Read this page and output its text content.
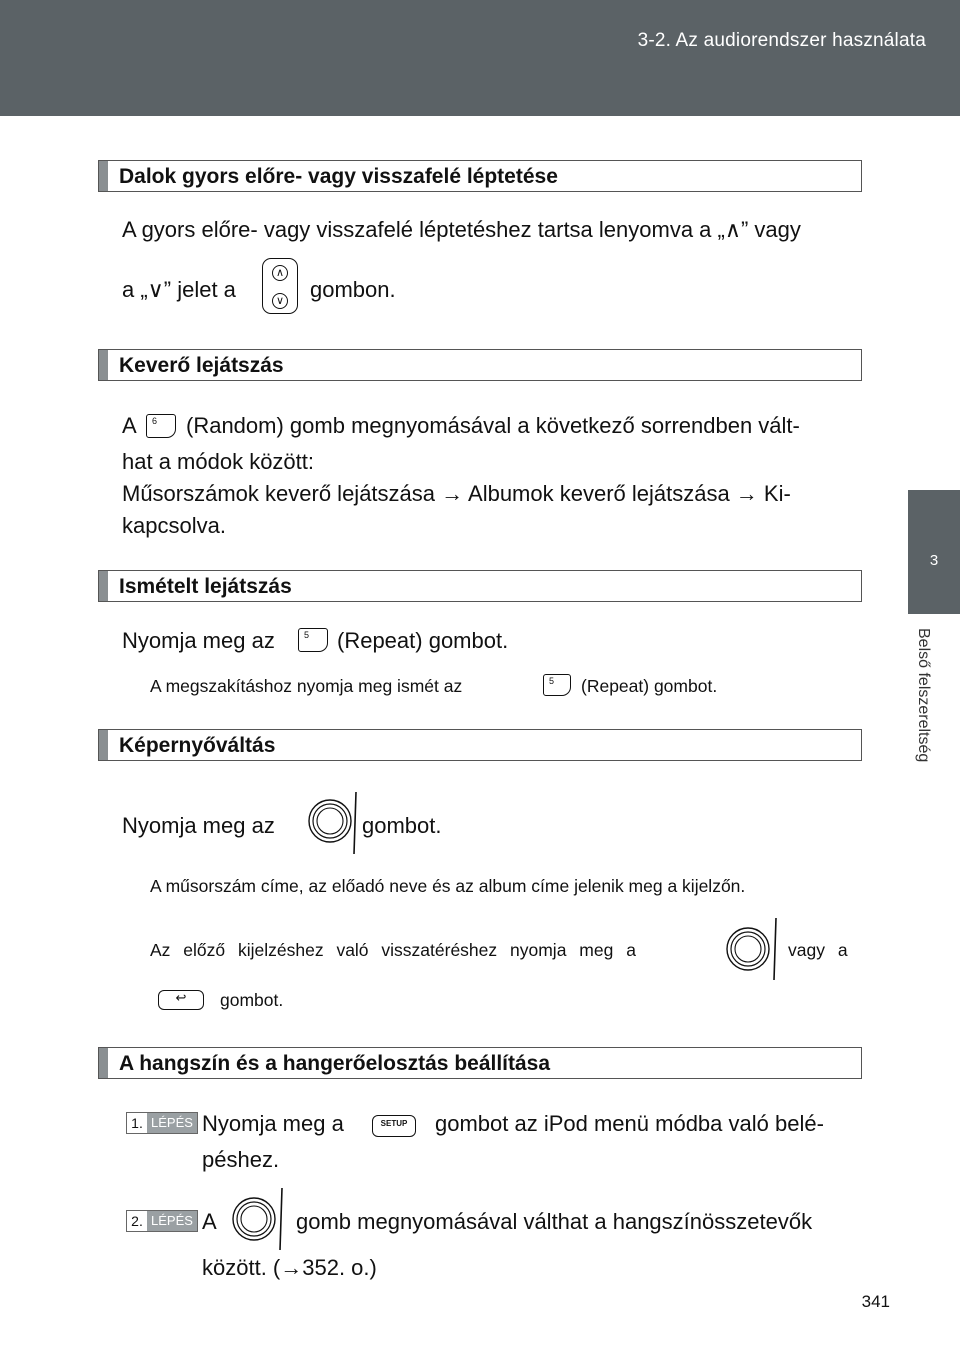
3-2. Az audiorendszer használata
3
Belső felszereltség
Dalok gyors előre- vagy visszafelé léptetése
A gyors előre- vagy visszafelé léptetéshez tartsa lenyomva a „∧” vagy
a „∨” jelet a
∧
∨ gombon.
Keverő lejátszás
A 6 (Random) gomb megnyomásával a következő sorrendben vált-
hat a módok között:
Műsorszámok keverő lejátszása → Albumok keverő lejátszása → Ki-
kapcsolva.
Ismételt lejátszás
Nyomja meg az	5 (Repeat) gombot.
A megszakításhoz nyomja meg ismét az	5 (Repeat) gombot.
Képernyőváltás
Nyomja meg az	gombot.
A műsorszám címe, az előadó neve és az album címe jelenik meg a kijelzőn.
Az előző kijelzéshez való visszatéréshez nyomja meg a	vagy a
↩	gombot.
A hangszín és a hangerőelosztás beállítása
1. LÉPÉS Nyomja meg a	SETUP	gombot az iPod menü módba való belé-
péshez.
2. LÉPÉS A	gomb megnyomásával válthat a hangszínösszetevők
között. (→352. o.)
341
